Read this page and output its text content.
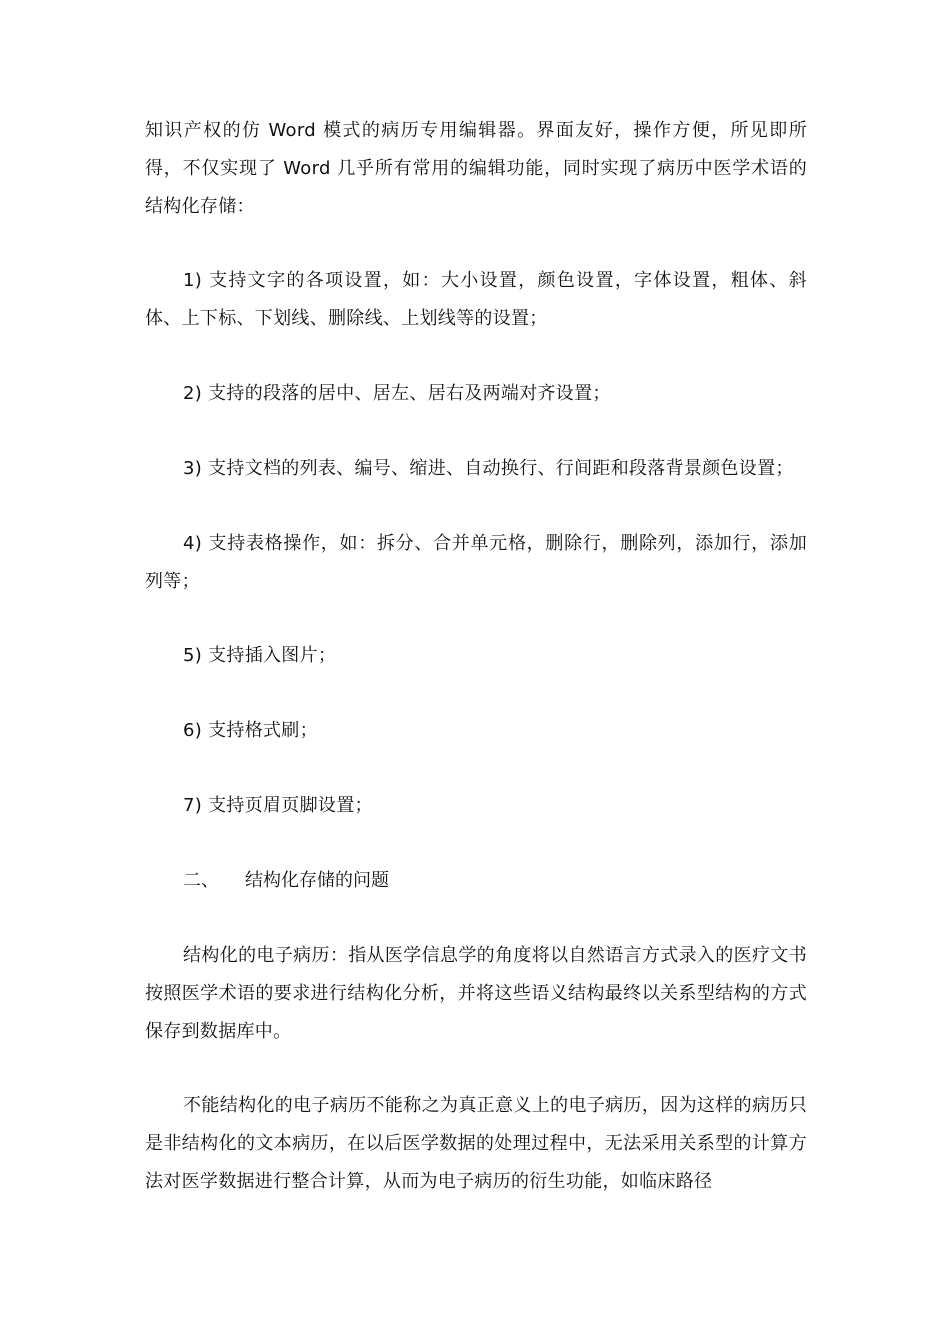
知识产权的仿 Word 模式的病历专用编辑器。界面友好，操作方便，所见即所得，不仅实现了 Word 几乎所有常用的编辑功能，同时实现了病历中医学术语的结构化存储：

1) 支持文字的各项设置，如：大小设置，颜色设置，字体设置，粗体、斜体、上下标、下划线、删除线、上划线等的设置；

2) 支持的段落的居中、居左、居右及两端对齐设置；

3) 支持文档的列表、编号、缩进、自动换行、行间距和段落背景颜色设置；

4) 支持表格操作，如：拆分、合并单元格，删除行，删除列，添加行，添加列等；

5) 支持插入图片；

6) 支持格式刷；

7) 支持页眉页脚设置；

二、 结构化存储的问题

结构化的电子病历：指从医学信息学的角度将以自然语言方式录入的医疗文书按照医学术语的要求进行结构化分析，并将这些语义结构最终以关系型结构的方式保存到数据库中。

不能结构化的电子病历不能称之为真正意义上的电子病历，因为这样的病历只是非结构化的文本病历，在以后医学数据的处理过程中，无法采用关系型的计算方法对医学数据进行整合计算，从而为电子病历的衍生功能，如临床路径
